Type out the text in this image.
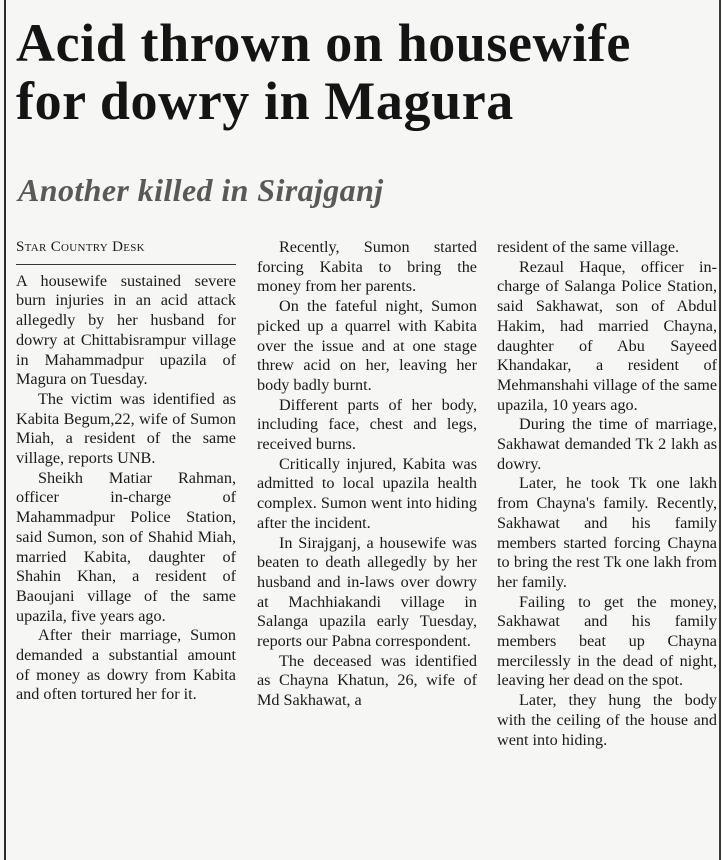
Acid thrown on housewife
for dowry in Magura
Another killed in Sirajganj
Star Country Desk

A housewife sustained severe burn injuries in an acid attack allegedly by her husband for dowry at Chittabisrampur village in Mahammadpur upazila of Magura on Tuesday.

The victim was identified as Kabita Begum,22, wife of Sumon Miah, a resident of the same village, reports UNB.

Sheikh Matiar Rahman, officer in-charge of Mahammadpur Police Station, said Sumon, son of Shahid Miah, married Kabita, daughter of Shahin Khan, a resident of Baoujani village of the same upazila, five years ago.

After their marriage, Sumon demanded a substantial amount of money as dowry from Kabita and often tortured her for it.

Recently, Sumon started forcing Kabita to bring the money from her parents.

On the fateful night, Sumon picked up a quarrel with Kabita over the issue and at one stage threw acid on her, leaving her body badly burnt.

Different parts of her body, including face, chest and legs, received burns.

Critically injured, Kabita was admitted to local upazila health complex. Sumon went into hiding after the incident.

In Sirajganj, a housewife was beaten to death allegedly by her husband and in-laws over dowry at Machhiakandi village in Salanga upazila early Tuesday, reports our Pabna correspondent.

The deceased was identified as Chayna Khatun, 26, wife of Md Sakhawat, a

resident of the same village.

Rezaul Haque, officer in-charge of Salanga Police Station, said Sakhawat, son of Abdul Hakim, had married Chayna, daughter of Abu Sayeed Khandakar, a resident of Mehmanshahi village of the same upazila, 10 years ago.

During the time of marriage, Sakhawat demanded Tk 2 lakh as dowry.

Later, he took Tk one lakh from Chayna's family. Recently, Sakhawat and his family members started forcing Chayna to bring the rest Tk one lakh from her family.

Failing to get the money, Sakhawat and his family members beat up Chayna mercilessly in the dead of night, leaving her dead on the spot.

Later, they hung the body with the ceiling of the house and went into hiding.
